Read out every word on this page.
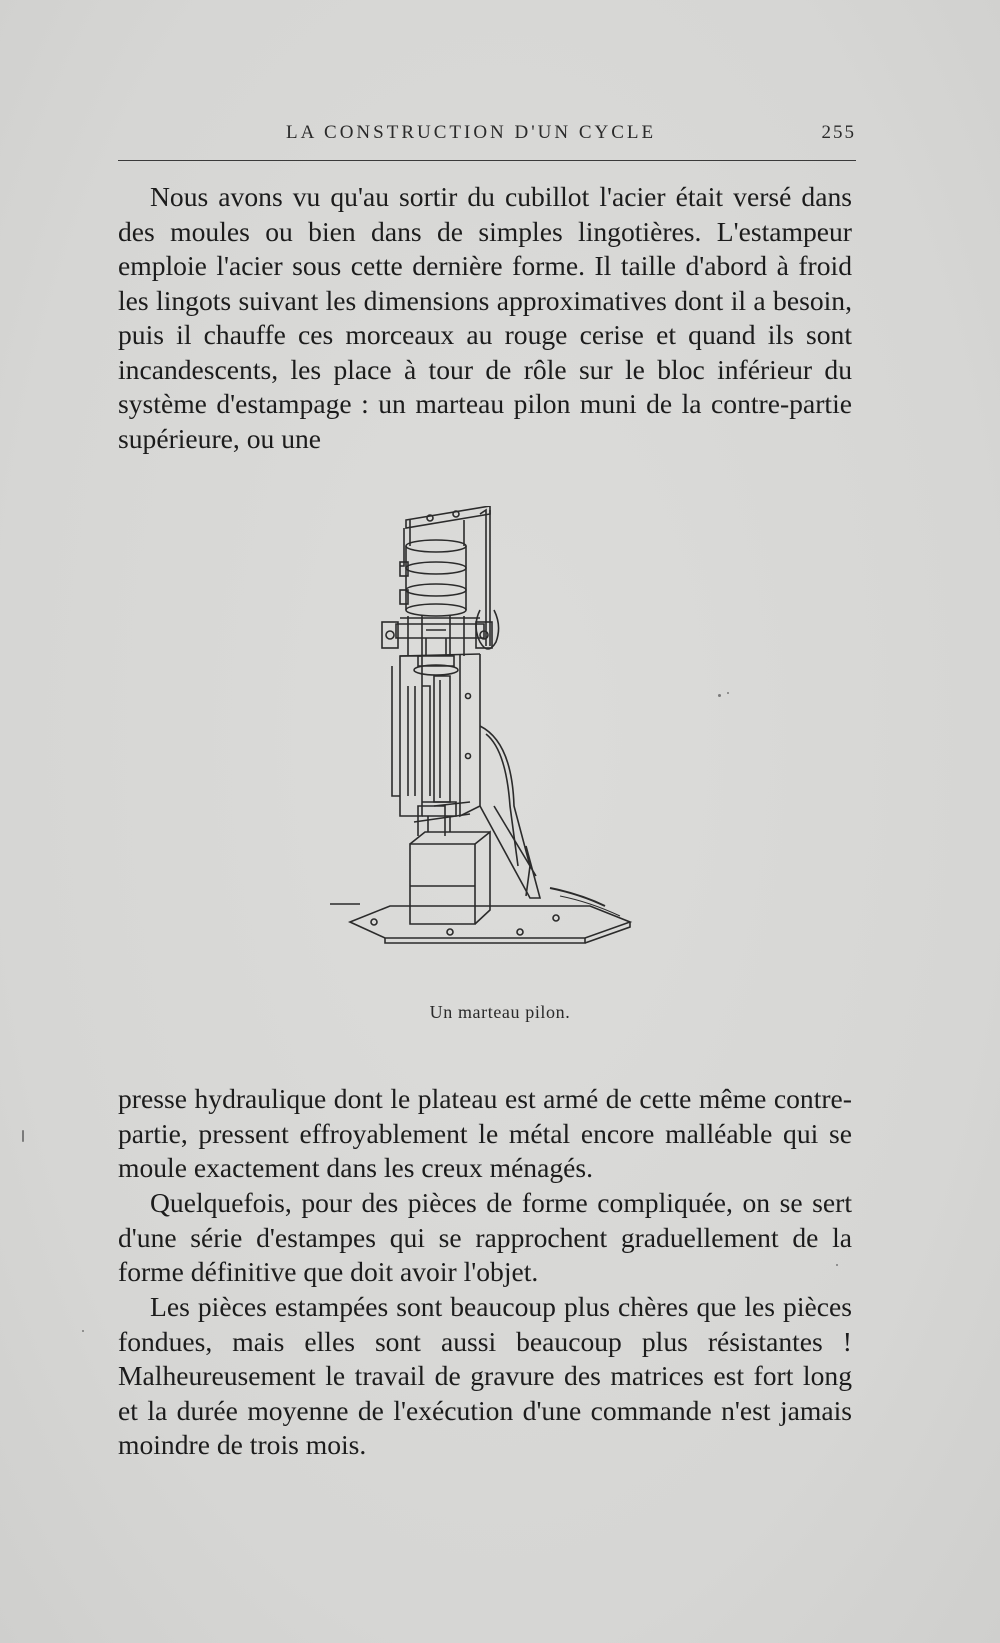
LA CONSTRUCTION D'UN CYCLE	255

Nous avons vu qu'au sortir du cubillot l'acier était versé dans des moules ou bien dans de simples lingotières. L'estampeur emploie l'acier sous cette dernière forme. Il taille d'abord à froid les lingots suivant les dimensions approximatives dont il a besoin, puis il chauffe ces morceaux au rouge cerise et quand ils sont incandescents, les place à tour de rôle sur le bloc inférieur du système d'estampage : un marteau pilon muni de la contre-partie supérieure, ou une

Un marteau pilon.

presse hydraulique dont le plateau est armé de cette même contre-partie, pressent effroyablement le métal encore malléable qui se moule exactement dans les creux ménagés.

Quelquefois, pour des pièces de forme compliquée, on se sert d'une série d'estampes qui se rapprochent graduellement de la forme définitive que doit avoir l'objet.

Les pièces estampées sont beaucoup plus chères que les pièces fondues, mais elles sont aussi beaucoup plus résistantes ! Malheureusement le travail de gravure des matrices est fort long et la durée moyenne de l'exécution d'une commande n'est jamais moindre de trois mois.
